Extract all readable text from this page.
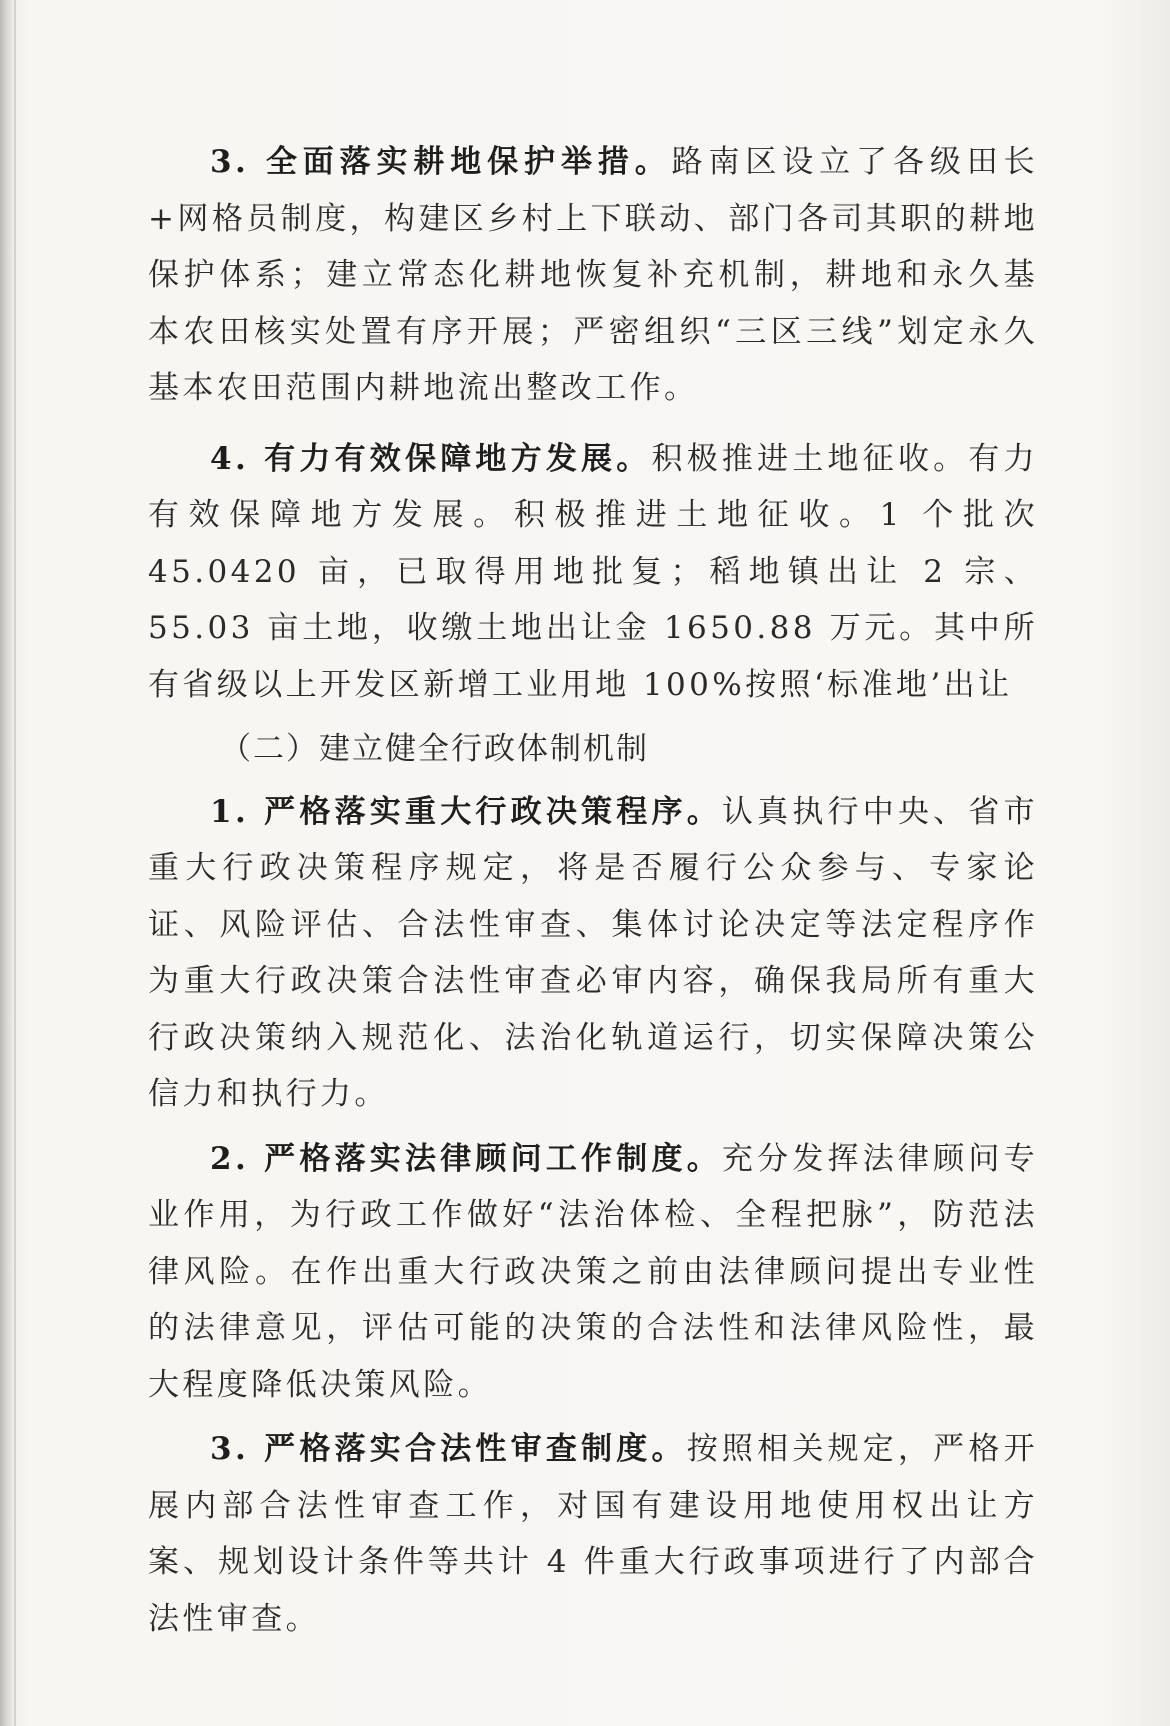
3. 全面落实耕地保护举措。路南区设立了各级田长+网格员制度，构建区乡村上下联动、部门各司其职的耕地保护体系；建立常态化耕地恢复补充机制，耕地和永久基本农田核实处置有序开展；严密组织“三区三线”划定永久基本农田范围内耕地流出整改工作。

4. 有力有效保障地方发展。积极推进土地征收。有力有效保障地方发展。积极推进土地征收。1 个批次 45.0420 亩，已取得用地批复；稻地镇出让 2 宗、55.03 亩土地，收缴土地出让金 1650.88 万元。其中所有省级以上开发区新增工业用地 100%按照‘标准地’出让

（二）建立健全行政体制机制

1. 严格落实重大行政决策程序。认真执行中央、省市重大行政决策程序规定，将是否履行公众参与、专家论证、风险评估、合法性审查、集体讨论决定等法定程序作为重大行政决策合法性审查必审内容，确保我局所有重大行政决策纳入规范化、法治化轨道运行，切实保障决策公信力和执行力。

2. 严格落实法律顾问工作制度。充分发挥法律顾问专业作用，为行政工作做好“法治体检、全程把脉”，防范法律风险。在作出重大行政决策之前由法律顾问提出专业性的法律意见，评估可能的决策的合法性和法律风险性，最大程度降低决策风险。

3. 严格落实合法性审查制度。按照相关规定，严格开展内部合法性审查工作，对国有建设用地使用权出让方案、规划设计条件等共计 4 件重大行政事项进行了内部合法性审查。
